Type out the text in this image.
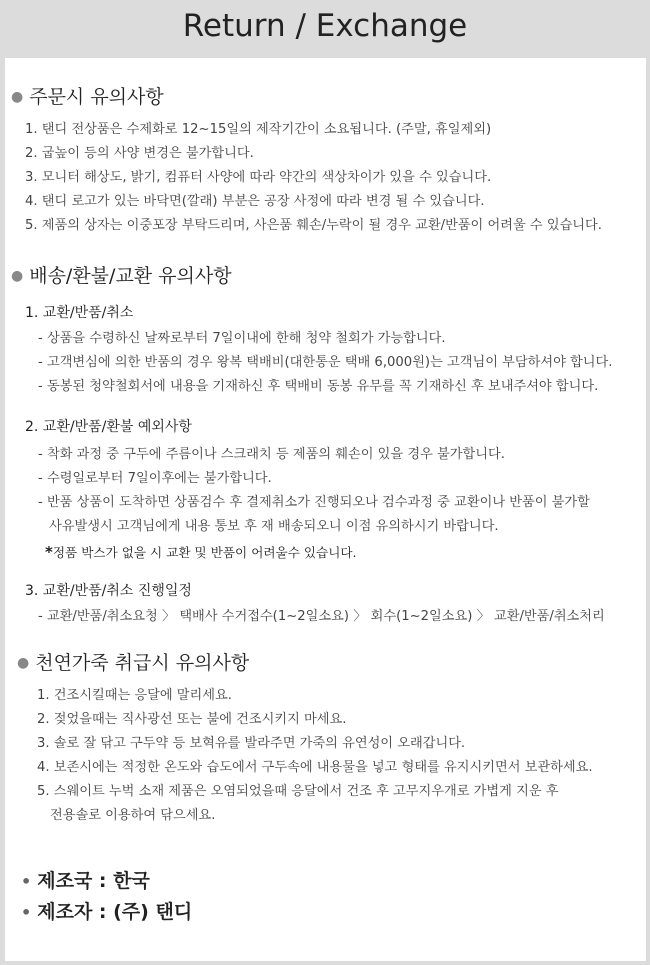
Return / Exchange
● 주문시 유의사항
1. 탠디 전상품은 수제화로 12~15일의 제작기간이 소요됩니다. (주말, 휴일제외)
2. 굽높이 등의 사양 변경은 불가합니다.
3. 모니터 해상도, 밝기, 컴퓨터 사양에 따라 약간의 색상차이가 있을 수 있습니다.
4. 탠디 로고가 있는 바닥면(깔래) 부분은 공장 사정에 따라 변경 될 수 있습니다.
5. 제품의 상자는 이중포장 부탁드리며, 사은품 훼손/누락이 될 경우 교환/반품이 어려울 수 있습니다.
● 배송/환불/교환 유의사항
1. 교환/반품/취소
- 상품을 수령하신 날짜로부터 7일이내에 한해 청약 철회가 가능합니다.
- 고객변심에 의한 반품의 경우 왕복 택배비(대한통운 택배 6,000원)는 고객님이 부담하셔야 합니다.
- 동봉된 청약철회서에 내용을 기재하신 후 택배비 동봉 유무를 꼭 기재하신 후 보내주셔야 합니다.
2. 교환/반품/환불 예외사항
- 착화 과정 중 구두에 주름이나 스크래치 등 제품의 훼손이 있을 경우 불가합니다.
- 수령일로부터 7일이후에는 불가합니다.
- 반품 상품이 도착하면 상품검수 후 결제취소가 진행되오나 검수과정 중 교환이나 반품이 불가할
사유발생시 고객님에게 내용 통보 후 재 배송되오니 이점 유의하시기 바랍니다.
*정품 박스가 없을 시 교환 및 반품이 어려울수 있습니다.
3. 교환/반품/취소 진행일정
- 교환/반품/취소요청 〉 택배사 수거접수(1~2일소요) 〉 회수(1~2일소요) 〉 교환/반품/취소처리
● 천연가죽 취급시 유의사항
1. 건조시킬때는 응달에 말리세요.
2. 젖었을때는 직사광선 또는 불에 건조시키지 마세요.
3. 솔로 잘 닦고 구두약 등 보혁유를 발라주면 가죽의 유연성이 오래갑니다.
4. 보존시에는 적정한 온도와 습도에서 구두속에 내용물을 넣고 형태를 유지시키면서 보관하세요.
5. 스웨이트 누벅 소재 제품은 오염되었을때 응달에서 건조 후 고무지우개로 가볍게 지운 후
전용솔로 이용하여 닦으세요.
• 제조국 : 한국
• 제조자 : (주) 탠디
